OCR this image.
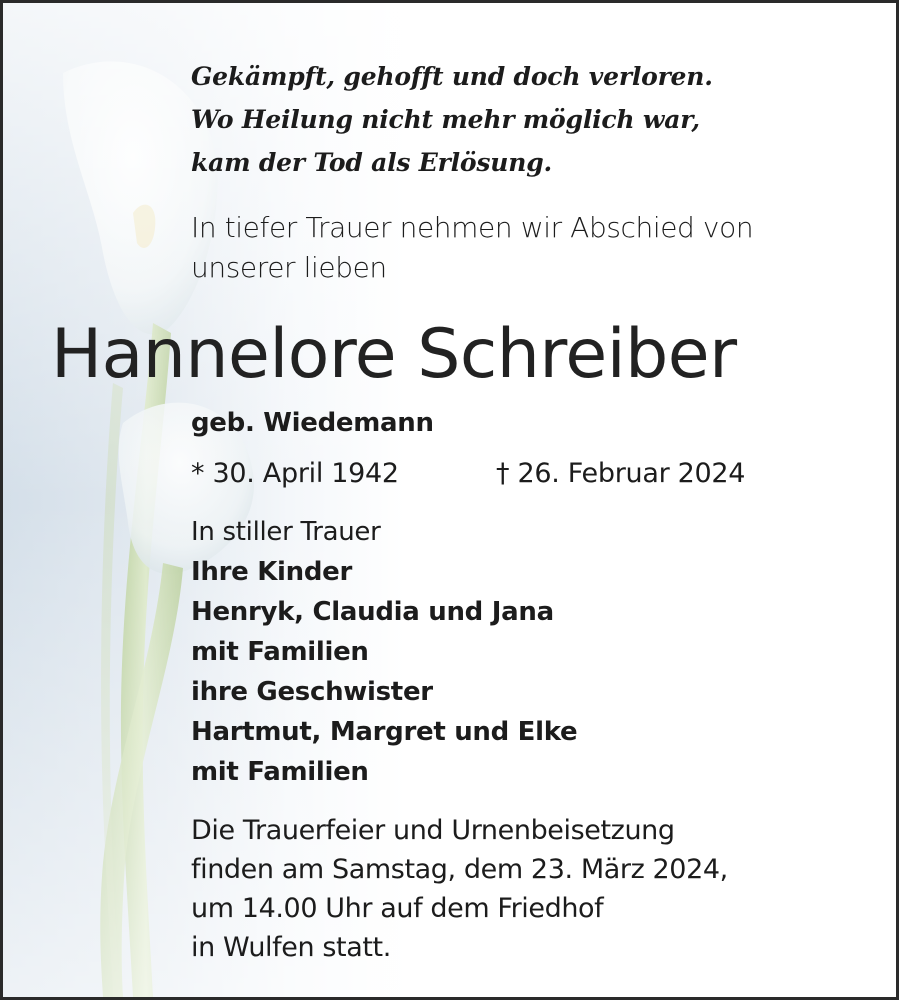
Gekämpft, gehofft und doch verloren.
Wo Heilung nicht mehr möglich war,
kam der Tod als Erlösung.
In tiefer Trauer nehmen wir Abschied von
unserer lieben
Hannelore Schreiber
geb. Wiedemann
* 30. April 1942	† 26. Februar 2024
In stiller Trauer
Ihre Kinder
Henryk, Claudia und Jana
mit Familien
ihre Geschwister
Hartmut, Margret und Elke
mit Familien
Die Trauerfeier und Urnenbeisetzung
finden am Samstag, dem 23. März 2024,
um 14.00 Uhr auf dem Friedhof
in Wulfen statt.
